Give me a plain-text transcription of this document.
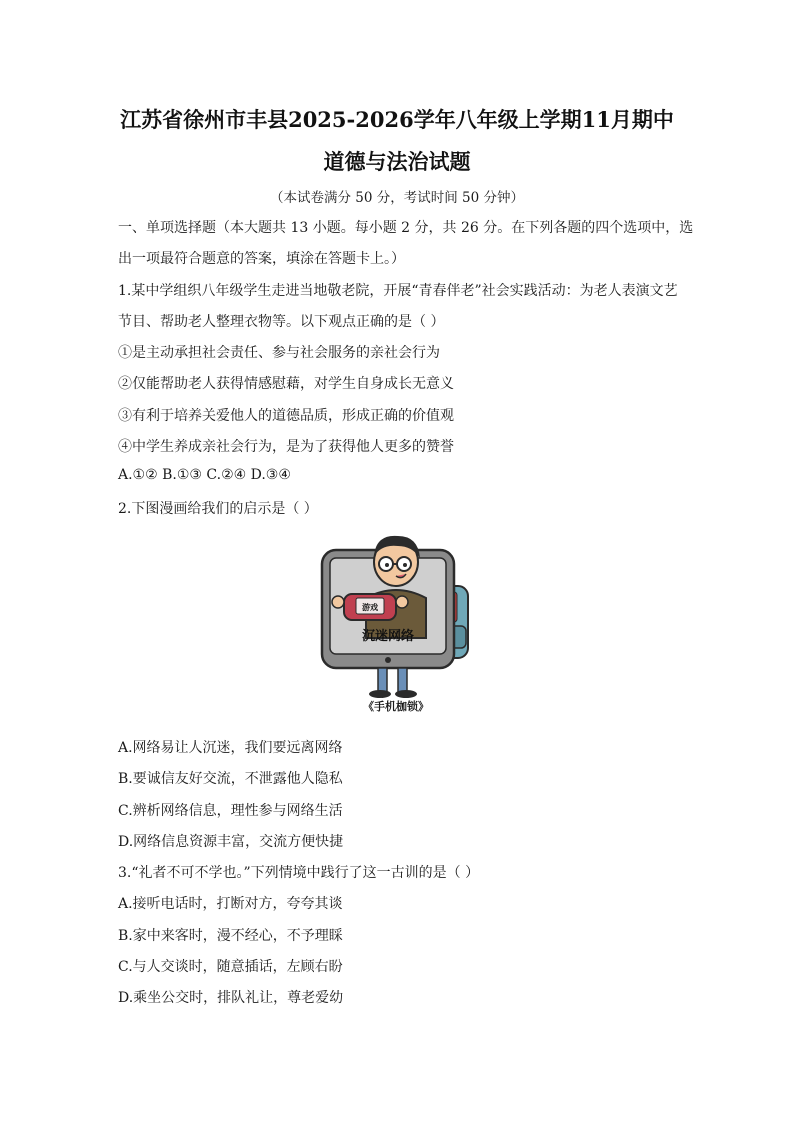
江苏省徐州市丰县2025-2026学年八年级上学期11月期中
道德与法治试题
（本试卷满分 50 分，考试时间 50 分钟）
一、单项选择题（本大题共 13 小题。每小题 2 分，共 26 分。在下列各题的四个选项中，选
出一项最符合题意的答案，填涂在答题卡上。）
1.某中学组织八年级学生走进当地敬老院，开展“青春伴老”社会实践活动：为老人表演文艺
节目、帮助老人整理衣物等。以下观点正确的是（ ）
①是主动承担社会责任、参与社会服务的亲社会行为
②仅能帮助老人获得情感慰藉，对学生自身成长无意义
③有利于培养关爱他人的道德品质，形成正确的价值观
④中学生养成亲社会行为，是为了获得他人更多的赞誉
A.①② B.①③ C.②④ D.③④
2.下图漫画给我们的启示是（ ）
游戏
沉迷网络
《手机枷锁》
A.网络易让人沉迷，我们要远离网络
B.要诚信友好交流，不泄露他人隐私
C.辨析网络信息，理性参与网络生活
D.网络信息资源丰富，交流方便快捷
3.“礼者不可不学也。”下列情境中践行了这一古训的是（ ）
A.接听电话时，打断对方，夸夸其谈
B.家中来客时，漫不经心，不予理睬
C.与人交谈时，随意插话，左顾右盼
D.乘坐公交时，排队礼让，尊老爱幼
